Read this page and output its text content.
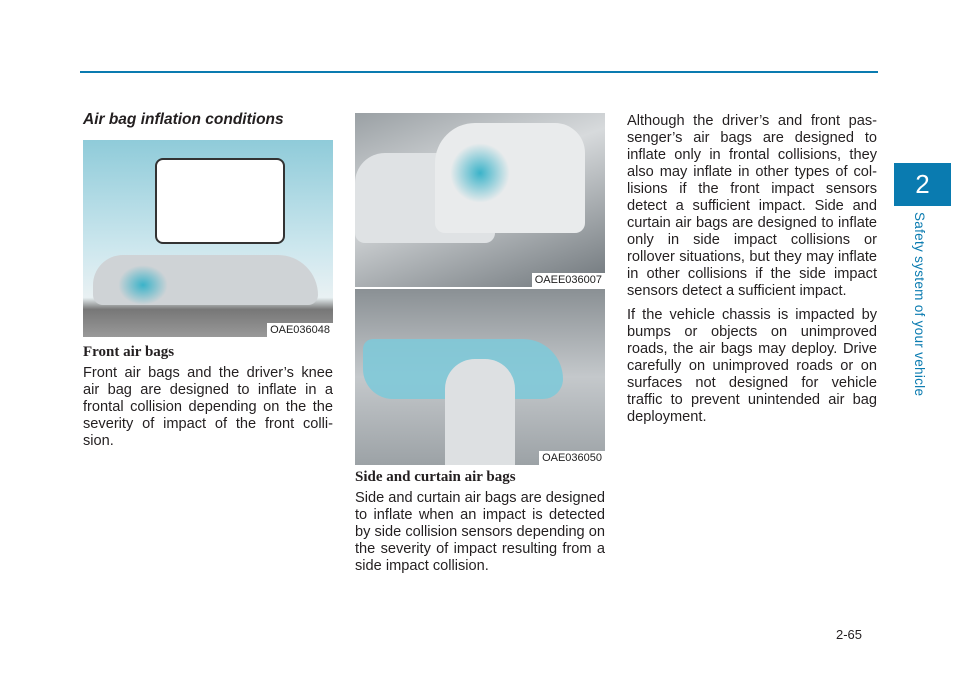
2
Safety system of your vehicle
Air bag inflation conditions
OAE036048
Front air bags

Front air bags and the driver’s knee air bag are designed to inflate in a frontal collision depending on the the severity of impact of the front colli-sion.

OAEE036007
OAE036050
Side and curtain air bags

Side and curtain air bags are designed to inflate when an impact is detected by side collision sensors depending on the severity of impact resulting from a side impact collision.

Although the driver’s and front pas-senger’s air bags are designed to inflate only in frontal collisions, they also may inflate in other types of col-lisions if the front impact sensors detect a sufficient impact. Side and curtain air bags are designed to inflate only in side impact collisions or rollover situations, but they may inflate in other collisions if the side impact sensors detect a sufficient impact.

If the vehicle chassis is impacted by bumps or objects on unimproved roads, the air bags may deploy. Drive carefully on unimproved roads or on surfaces not designed for vehicle traffic to prevent unintended air bag deployment.

2-65
